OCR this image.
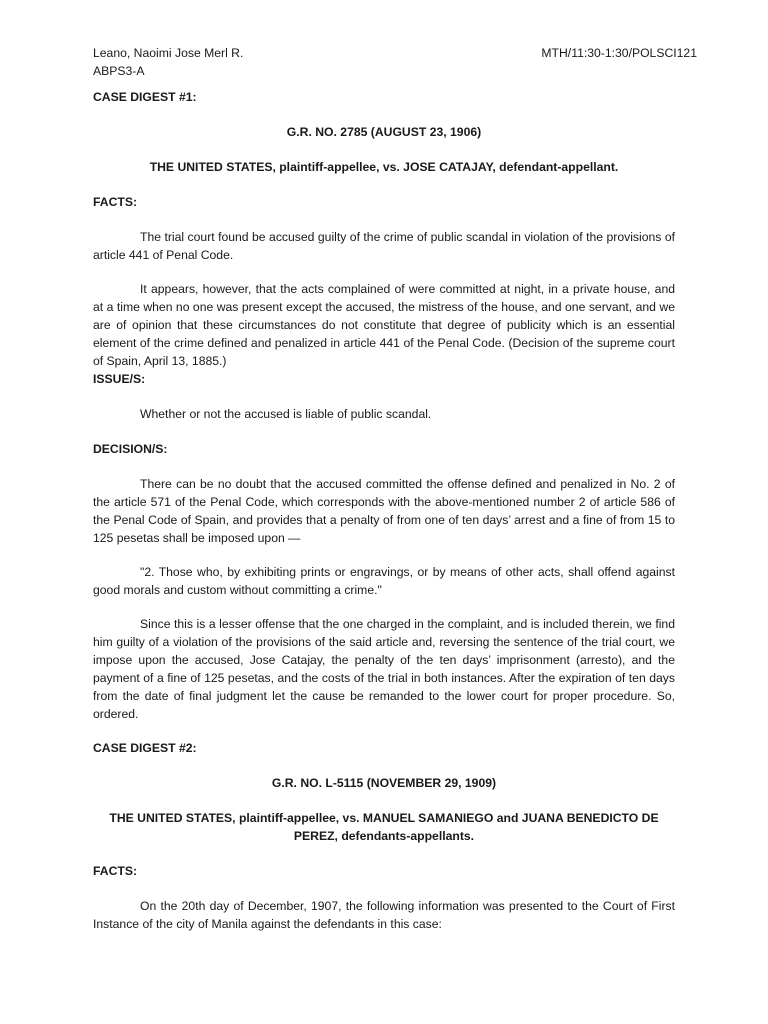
Leano, Naoimi Jose Merl R.
ABPS3-A
MTH/11:30-1:30/POLSCI121
CASE DIGEST #1:
G.R. NO. 2785 (AUGUST 23, 1906)
THE UNITED STATES, plaintiff-appellee, vs. JOSE CATAJAY, defendant-appellant.
FACTS:

The trial court found be accused guilty of the crime of public scandal in violation of the provisions of article 441 of Penal Code.

It appears, however, that the acts complained of were committed at night, in a private house, and at a time when no one was present except the accused, the mistress of the house, and one servant, and we are of opinion that these circumstances do not constitute that degree of publicity which is an essential element of the crime defined and penalized in article 441 of the Penal Code. (Decision of the supreme court of Spain, April 13, 1885.)

ISSUE/S:

Whether or not the accused is liable of public scandal.

DECISION/S:

There can be no doubt that the accused committed the offense defined and penalized in No. 2 of the article 571 of the Penal Code, which corresponds with the above-mentioned number 2 of article 586 of the Penal Code of Spain, and provides that a penalty of from one of ten days’ arrest and a fine of from 15 to 125 pesetas shall be imposed upon —

"2. Those who, by exhibiting prints or engravings, or by means of other acts, shall offend against good morals and custom without committing a crime."

Since this is a lesser offense that the one charged in the complaint, and is included therein, we find him guilty of a violation of the provisions of the said article and, reversing the sentence of the trial court, we impose upon the accused, Jose Catajay, the penalty of the ten days’ imprisonment (arresto), and the payment of a fine of 125 pesetas, and the costs of the trial in both instances. After the expiration of ten days from the date of final judgment let the cause be remanded to the lower court for proper procedure. So, ordered.

CASE DIGEST #2:
G.R. NO. L-5115 (NOVEMBER 29, 1909)
THE UNITED STATES, plaintiff-appellee, vs. MANUEL SAMANIEGO and JUANA BENEDICTO DE PEREZ, defendants-appellants.
FACTS:

On the 20th day of December, 1907, the following information was presented to the Court of First Instance of the city of Manila against the defendants in this case:
